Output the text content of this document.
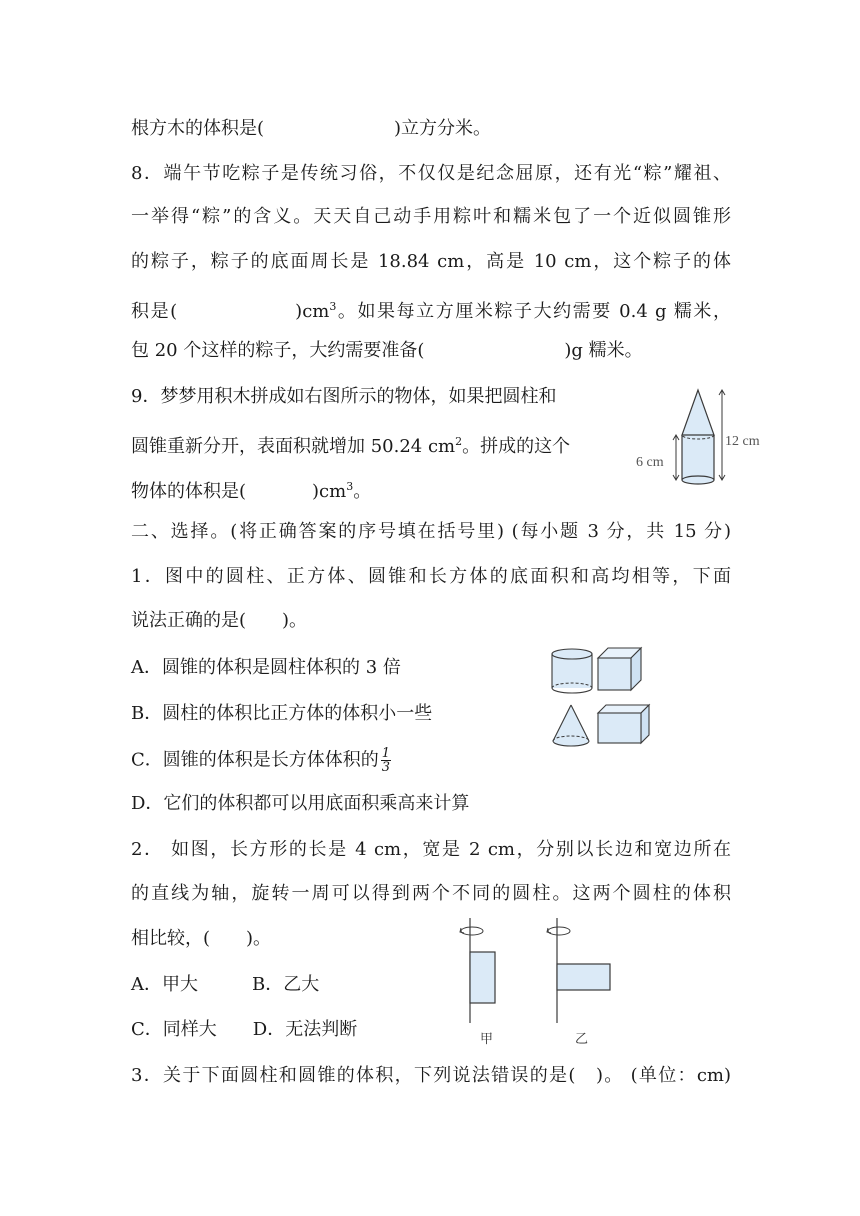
根方木的体积是(	)立方分米。
8．端午节吃粽子是传统习俗，不仅仅是纪念屈原，还有光“粽”耀祖、
一举得“粽”的含义。天天自己动手用粽叶和糯米包了一个近似圆锥形
的粽子，粽子的底面周长是 18.84 cm，高是 10 cm，这个粽子的体
积是(	)$cm^3$。如果每立方厘米粽子大约需要 0.4 g 糯米，
包 20 个这样的粽子，大约需要准备(	)g 糯米。
9．梦梦用积木拼成如右图所示的物体，如果把圆柱和
圆锥重新分开，表面积就增加 50.24 $cm^2$。拼成的这个
物体的体积是(	)$cm^3$。
12 cm
6 cm
二、选择。(将正确答案的序号填在括号里) (每小题 3 分，共 15 分)
1．图中的圆柱、正方体、圆锥和长方体的底面积和高均相等，下面
说法正确的是(　　)。
A．圆锥的体积是圆柱体积的 3 倍
B．圆柱的体积比正方体的体积小一些
C．圆锥的体积是长方体体积的 $\frac{1}{3}$
D．它们的体积都可以用底面积乘高来计算
2． 如图，长方形的长是 4 cm，宽是 2 cm，分别以长边和宽边所在
的直线为轴，旋转一周可以得到两个不同的圆柱。这两个圆柱的体积
相比较，(　　)。
A．甲大　　　B．乙大
C．同样大　　D．无法判断	甲	乙
3．关于下面圆柱和圆锥的体积，下列说法错误的是(　)。 (单位：cm)
